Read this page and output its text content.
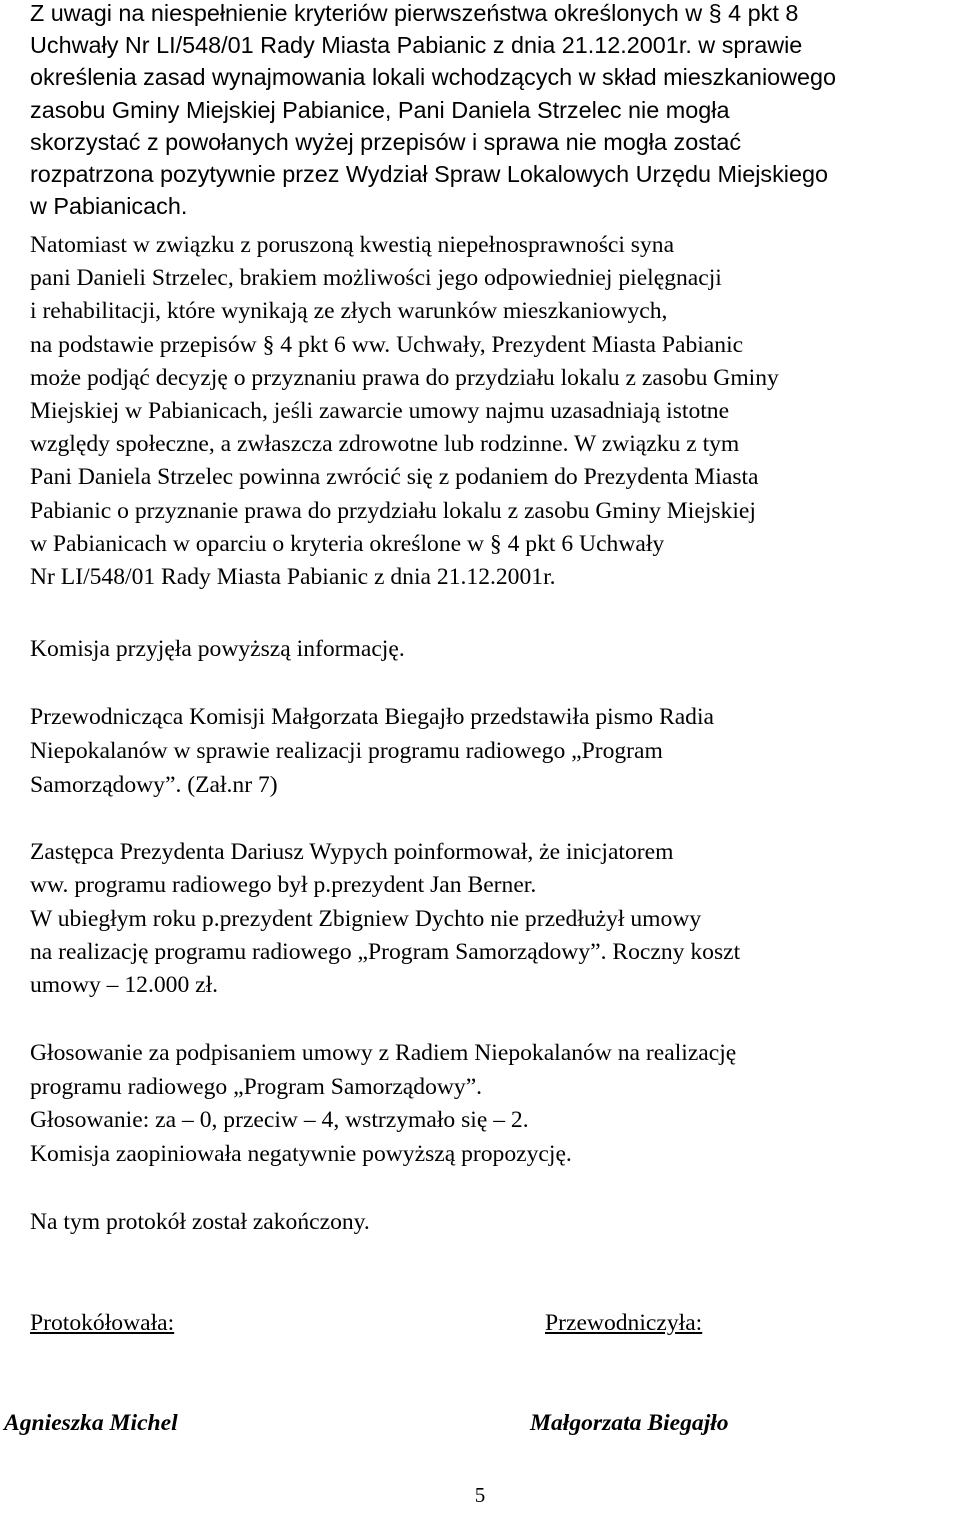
Z uwagi na niespełnienie kryteriów pierwszeństwa określonych w § 4 pkt 8
Uchwały Nr LI/548/01 Rady Miasta Pabianic z dnia 21.12.2001r. w sprawie
określenia zasad wynajmowania lokali wchodzących w skład mieszkaniowego
zasobu Gminy Miejskiej Pabianice, Pani Daniela Strzelec nie mogła
skorzystać z powołanych wyżej przepisów i sprawa nie mogła zostać
rozpatrzona pozytywnie przez Wydział Spraw Lokalowych Urzędu Miejskiego
w Pabianicach.
Natomiast w związku z poruszoną kwestią niepełnosprawności syna
pani Danieli Strzelec, brakiem możliwości jego odpowiedniej pielęgnacji
i rehabilitacji, które wynikają ze złych warunków mieszkaniowych,
na podstawie przepisów § 4 pkt 6 ww. Uchwały, Prezydent Miasta Pabianic
może podjąć decyzję o przyznaniu prawa do przydziału lokalu z zasobu Gminy
Miejskiej w Pabianicach, jeśli zawarcie umowy najmu uzasadniają istotne
względy społeczne, a zwłaszcza zdrowotne lub rodzinne. W związku z tym
Pani Daniela Strzelec powinna zwrócić się z podaniem do Prezydenta Miasta
Pabianic o przyznanie prawa do przydziału lokalu z zasobu Gminy Miejskiej
w Pabianicach w oparciu o kryteria określone w § 4 pkt 6 Uchwały
Nr LI/548/01 Rady Miasta Pabianic z dnia 21.12.2001r.
Komisja przyjęła powyższą informację.
Przewodnicząca Komisji Małgorzata Biegajło przedstawiła pismo Radia
Niepokalanów w sprawie realizacji programu radiowego „Program
Samorządowy”. (Zał.nr 7)
Zastępca Prezydenta Dariusz Wypych poinformował, że inicjatorem
ww. programu radiowego był p.prezydent Jan Berner.
W ubiegłym roku p.prezydent Zbigniew Dychto nie przedłużył umowy
na realizację programu radiowego „Program Samorządowy”. Roczny koszt
umowy – 12.000 zł.
Głosowanie za podpisaniem umowy z Radiem Niepokalanów na realizację
programu radiowego „Program Samorządowy”.
Głosowanie: za – 0, przeciw – 4, wstrzymało się – 2.
Komisja zaopiniowała negatywnie powyższą propozycję.
Na tym protokół został zakończony.
Protokółowała:	Przewodniczyła:
Agnieszka Michel	Małgorzata Biegajło
5
